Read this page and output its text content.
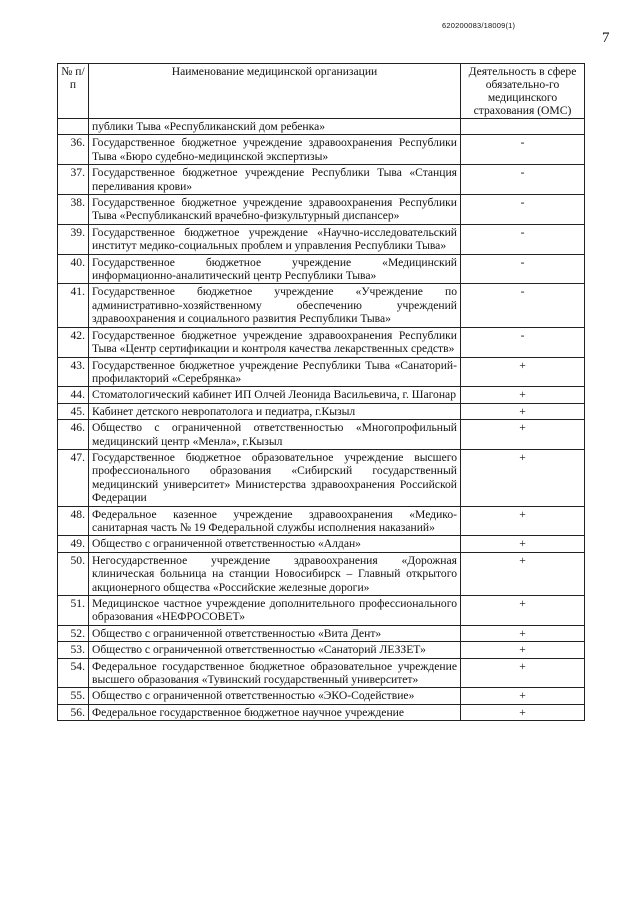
620200083/18009(1)
7
№ п/п	Наименование медицинской организации	Деятельность в сфере обязательно-го медицинского страхования (ОМС)
	публики Тыва «Республиканский дом ребенка»	
36.	Государственное бюджетное учреждение здравоохранения Республики Тыва «Бюро судебно-медицинской экспертизы»	-
37.	Государственное бюджетное учреждение Республики Тыва «Станция переливания крови»	-
38.	Государственное бюджетное учреждение здравоохранения Республики Тыва «Республиканский врачебно-физкультурный диспансер»	-
39.	Государственное бюджетное учреждение «Научно-исследовательский институт медико-социальных проблем и управления Республики Тыва»	-
40.	Государственное бюджетное учреждение «Медицинский информационно-аналитический центр Республики Тыва»	-
41.	Государственное бюджетное учреждение «Учреждение по административно-хозяйственному обеспечению учреждений здравоохранения и социального развития Республики Тыва»	-
42.	Государственное бюджетное учреждение здравоохранения Республики Тыва «Центр сертификации и контроля качества лекарственных средств»	-
43.	Государственное бюджетное учреждение Республики Тыва «Санаторий-профилакторий «Серебрянка»	+
44.	Стоматологический кабинет ИП Олчей Леонида Васильевича, г. Шагонар	+
45.	Кабинет детского невропатолога и педиатра, г.Кызыл	+
46.	Общество с ограниченной ответственностью «Многопрофильный медицинский центр «Менла», г.Кызыл	+
47.	Государственное бюджетное образовательное учреждение высшего профессионального образования «Сибирский государственный медицинский университет» Министерства здравоохранения Российской Федерации	+
48.	Федеральное казенное учреждение здравоохранения «Медико-санитарная часть № 19 Федеральной службы исполнения наказаний»	+
49.	Общество с ограниченной ответственностью «Алдан»	+
50.	Негосударственное учреждение здравоохранения «Дорожная клиническая больница на станции Новосибирск – Главный открытого акционерного общества «Российские железные дороги»	+
51.	Медицинское частное учреждение дополнительного профессионального образования «НЕФРОСОВЕТ»	+
52.	Общество с ограниченной ответственностью «Вита Дент»	+
53.	Общество с ограниченной ответственностью «Санаторий ЛЕЗЗЕТ»	+
54.	Федеральное государственное бюджетное образовательное учреждение высшего образования «Тувинский государственный университет»	+
55.	Общество с ограниченной ответственностью «ЭКО-Содействие»	+
56.	Федеральное государственное бюджетное научное учреждение	+
